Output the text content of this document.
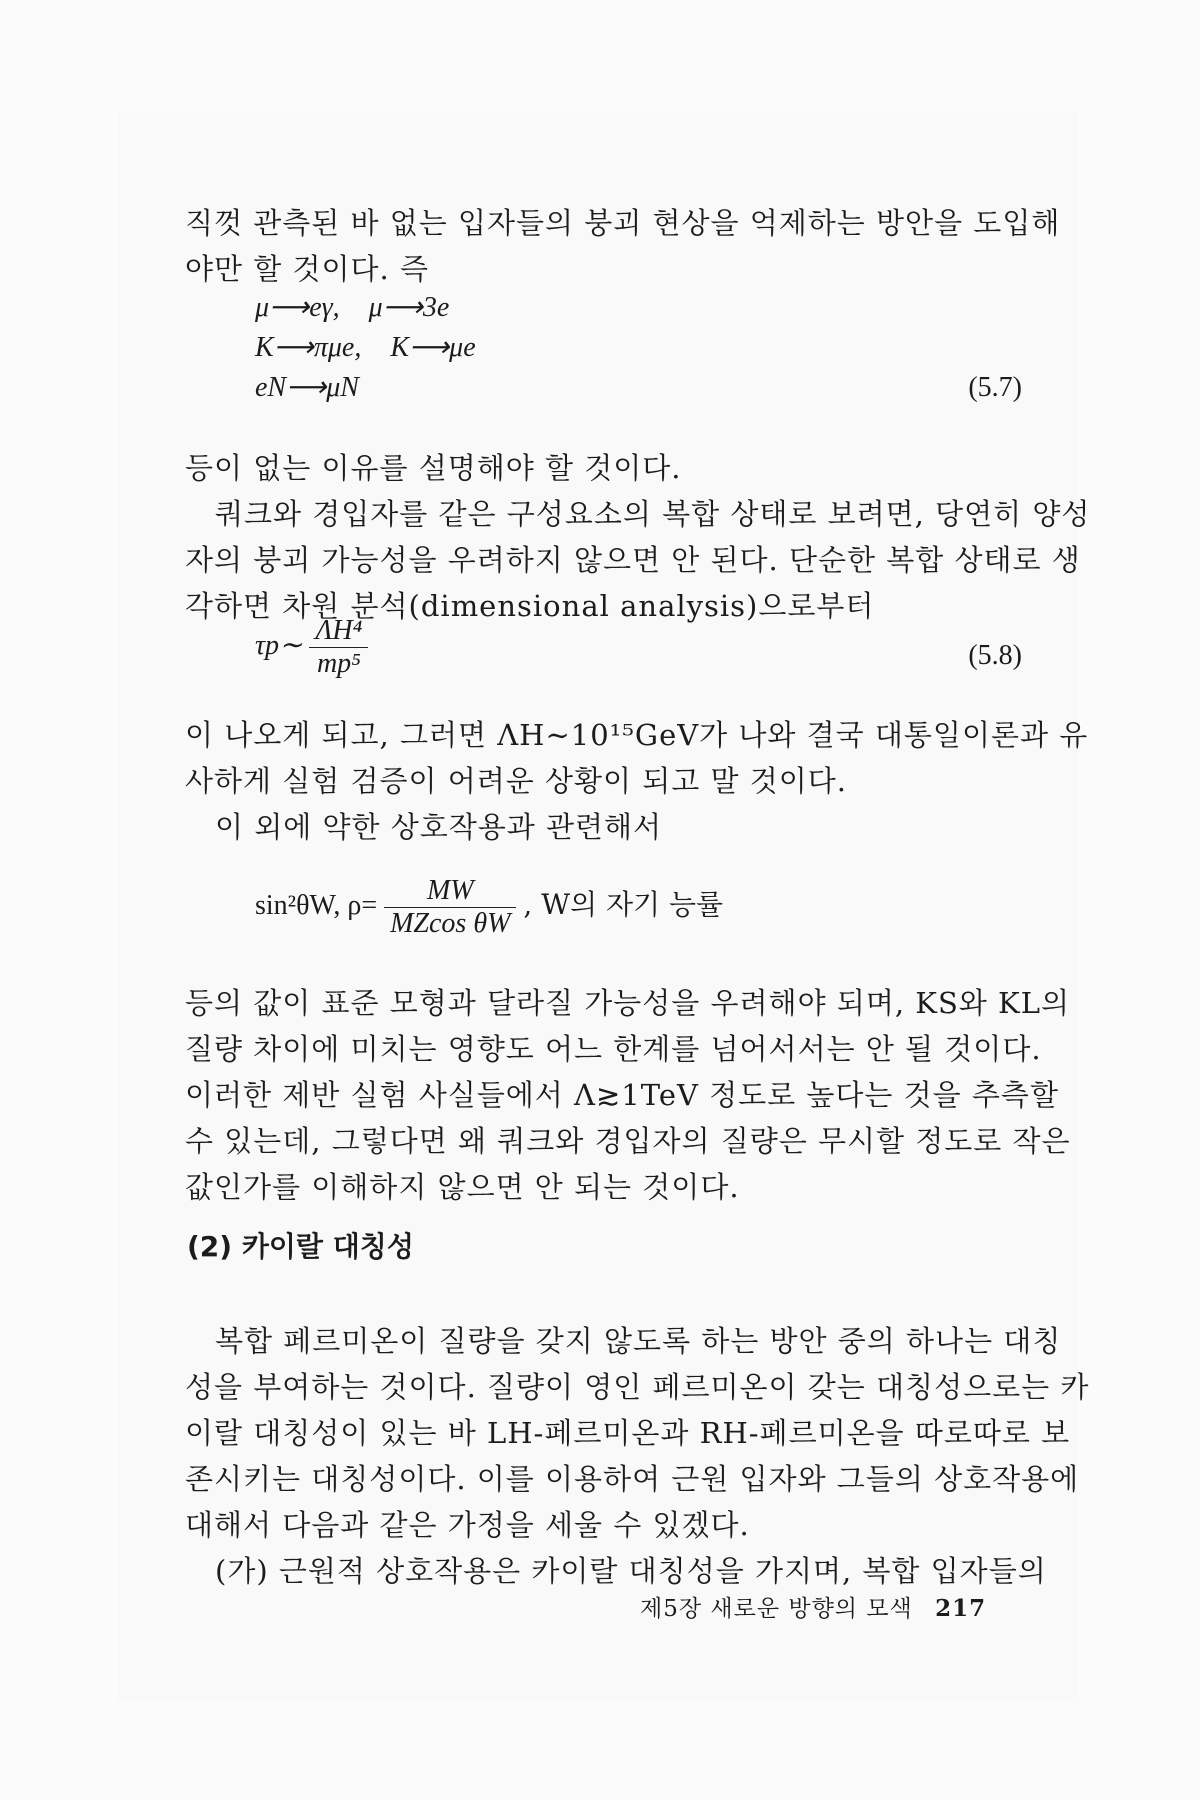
직껏 관측된 바 없는 입자들의 붕괴 현상을 억제하는 방안을 도입해
야만 할 것이다. 즉

μ⟶eγ, μ⟶3e
K⟶πμe, K⟶μe
eN⟶μN	(5.7)

등이 없는 이유를 설명해야 할 것이다.

쿼크와 경입자를 같은 구성요소의 복합 상태로 보려면, 당연히 양성
자의 붕괴 가능성을 우려하지 않으면 안 된다. 단순한 복합 상태로 생
각하면 차원 분석(dimensional analysis)으로부터

τp∼ $\frac{\text{ΛH⁴}}{\text{mp⁵}}$	(5.8)

이 나오게 되고, 그러면 ΛH∼10¹⁵GeV가 나와 결국 대통일이론과 유
사하게 실험 검증이 어려운 상황이 되고 말 것이다.

이 외에 약한 상호작용과 관련해서

sin²θW, $\rho= \frac{MW}{\text{MZcos θW}}$ , W의 자기 능률

등의 값이 표준 모형과 달라질 가능성을 우려해야 되며, KS와 KL의
질량 차이에 미치는 영향도 어느 한계를 넘어서서는 안 될 것이다.
이러한 제반 실험 사실들에서 Λ≳1TeV 정도로 높다는 것을 추측할
수 있는데, 그렇다면 왜 쿼크와 경입자의 질량은 무시할 정도로 작은
값인가를 이해하지 않으면 안 되는 것이다.

(2) 카이랄 대칭성

복합 페르미온이 질량을 갖지 않도록 하는 방안 중의 하나는 대칭
성을 부여하는 것이다. 질량이 영인 페르미온이 갖는 대칭성으로는 카
이랄 대칭성이 있는 바 LH-페르미온과 RH-페르미온을 따로따로 보
존시키는 대칭성이다. 이를 이용하여 근원 입자와 그들의 상호작용에
대해서 다음과 같은 가정을 세울 수 있겠다.

(가) 근원적 상호작용은 카이랄 대칭성을 가지며, 복합 입자들의

제5장 새로운 방향의 모색 217
